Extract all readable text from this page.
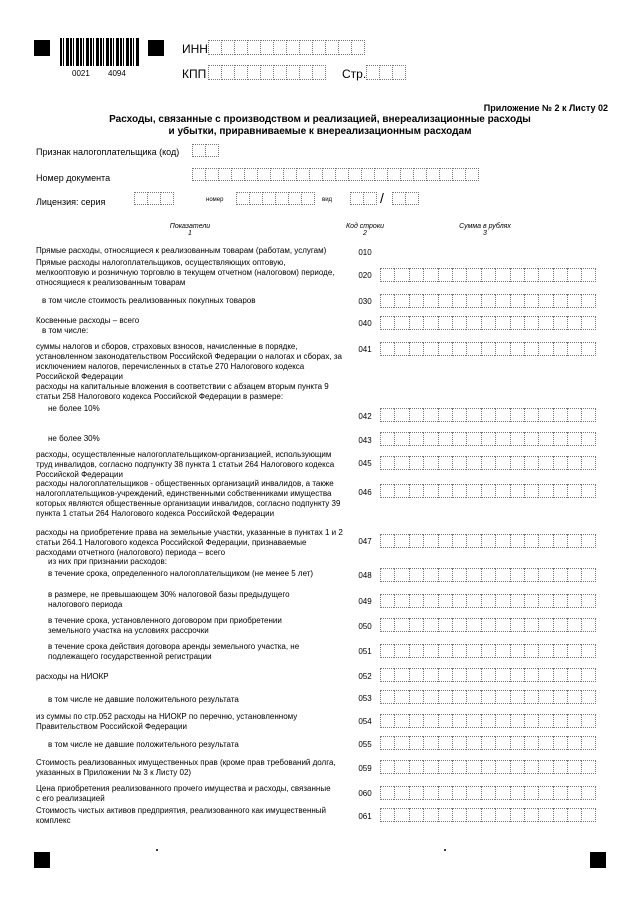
0021 4094
ИНН
КПП	Стр.
Приложение № 2 к Листу 02
Расходы, связанные с производством и реализацией, внереализационные расходы
и убытки, приравниваемые к внереализационным расходам
Признак налогоплательщика (код)
Номер документа
Лицензия: серия	номер	вид	/
Показатели
1
Код строки
2
Сумма в рублях
3
Прямые расходы, относящиеся к реализованным товарам (работам, услугам)	010
Прямые расходы налогоплательщиков, осуществляющих оптовую, мелкооптовую и розничную торговлю в текущем отчетном (налоговом) периоде, относящиеся к реализованным товарам
020
в том числе стоимость реализованных покупных товаров	030
Косвенные расходы – всего
в том числе:
040
суммы налогов и сборов, страховых взносов, начисленные в порядке, установленном законодательством Российской Федерации о налогах и сборах, за исключением налогов, перечисленных в статье 270 Налогового кодекса Российской Федерации
041
расходы на капитальные вложения в соответствии с абзацем вторым пункта 9 статьи 258 Налогового кодекса Российской Федерации в размере:
не более 10%
042
не более 30%	043
расходы, осуществленные налогоплательщиком-организацией, использующим труд инвалидов, согласно подпункту 38 пункта 1 статьи 264 Налогового кодекса Российской Федерации
045
расходы налогоплательщиков - общественных организаций инвалидов, а также налогоплательщиков-учреждений, единственными собственниками имущества которых являются общественные организации инвалидов, согласно подпункту 39 пункта 1 статьи 264 Налогового кодекса Российской Федерации
046
расходы на приобретение права на земельные участки, указанные в пунктах 1 и 2 статьи 264.1 Налогового кодекса Российской Федерации, признаваемые расходами отчетного (налогового) периода – всего
из них при признании расходов:
047
в течение срока, определенного налогоплательщиком (не менее 5 лет)	048
в размере, не превышающем 30% налоговой базы предыдущего налогового периода	049
в течение срока, установленного договором при приобретении земельного участка на условиях рассрочки	050
в течение срока действия договора аренды земельного участка, не подлежащего государственной регистрации
051
расходы на НИОКР	052
в том числе не давшие положительного результата	053
из суммы по стр.052 расходы на НИОКР по перечню, установленному Правительством Российской Федерации
054
в том числе не давшие положительного результата	055
Стоимость реализованных имущественных прав (кроме прав требований долга, указанных в Приложении № 3 к Листу 02)	059
Цена приобретения реализованного прочего имущества и расходы, связанные с его реализацией
060
Стоимость чистых активов предприятия, реализованного как имущественный комплекс	061
